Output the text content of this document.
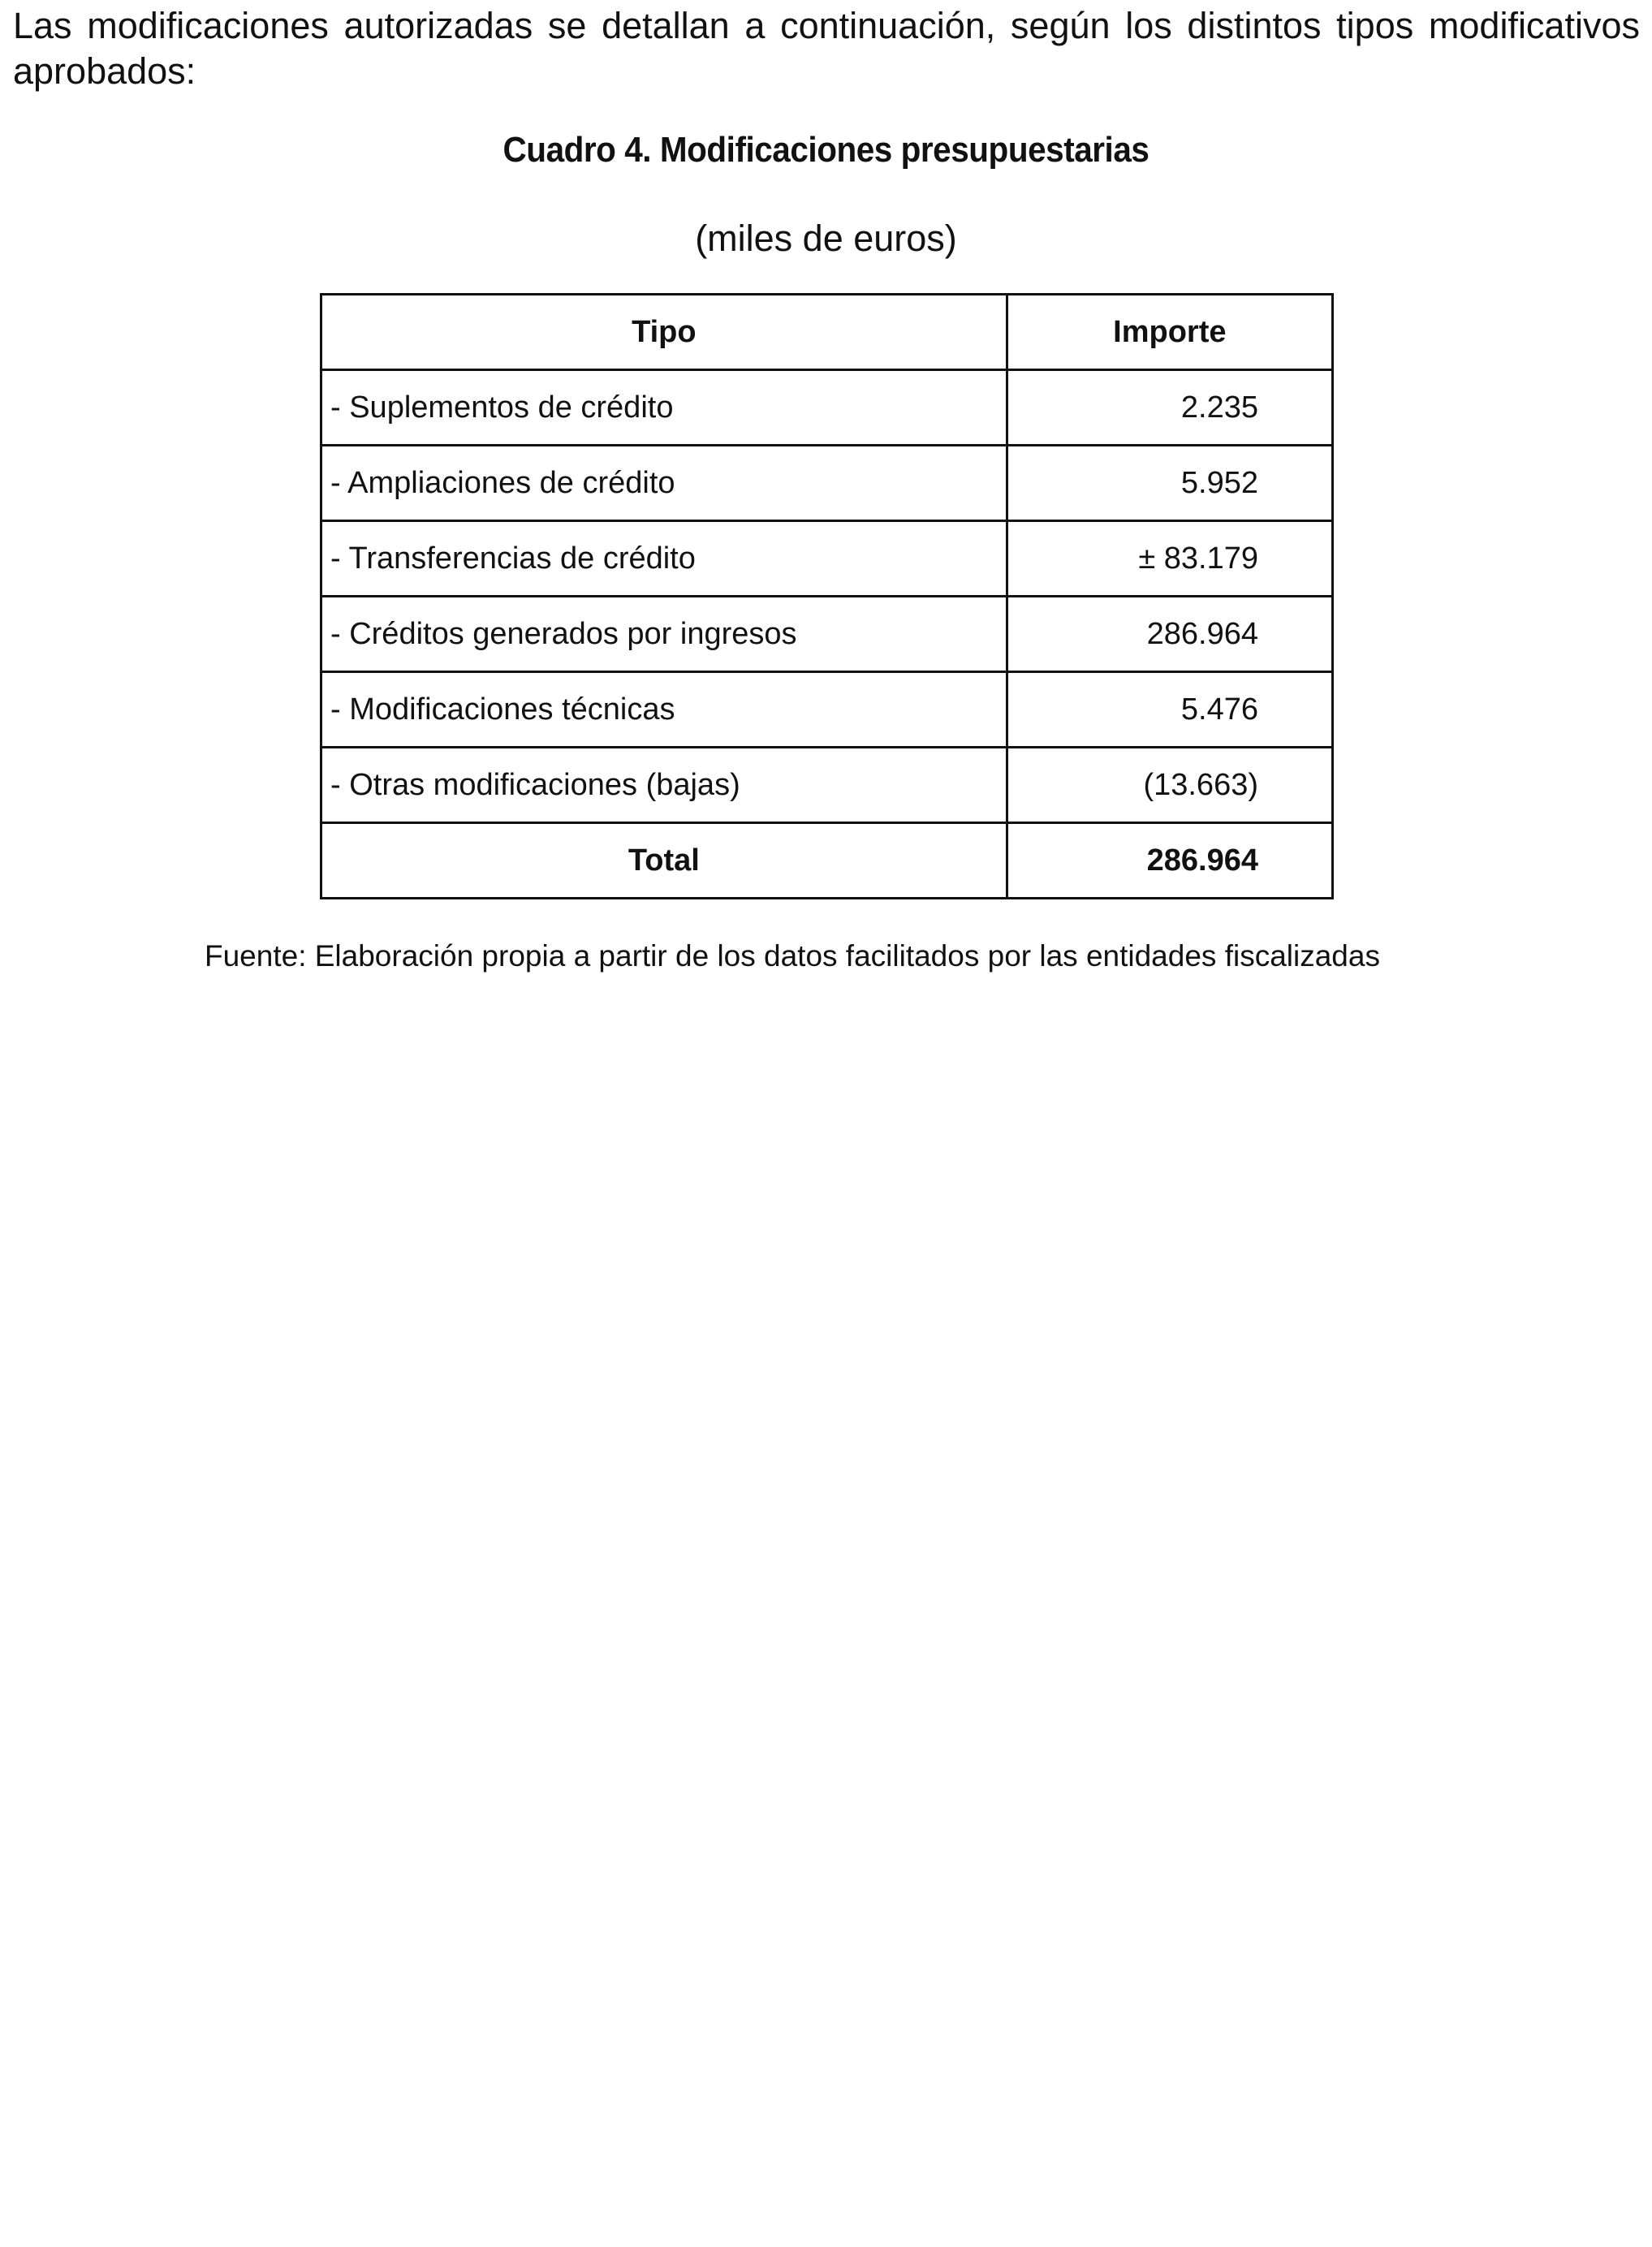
Las modificaciones autorizadas se detallan a continuación, según los distintos tipos modificativos aprobados:

Cuadro 4. Modificaciones presupuestarias

(miles de euros)

Tipo	Importe
- Suplementos de crédito	2.235
- Ampliaciones de crédito	5.952
- Transferencias de crédito	± 83.179
- Créditos generados por ingresos	286.964
- Modificaciones técnicas	5.476
- Otras modificaciones (bajas)	(13.663)
Total	286.964

Fuente: Elaboración propia a partir de los datos facilitados por las entidades fiscalizadas
